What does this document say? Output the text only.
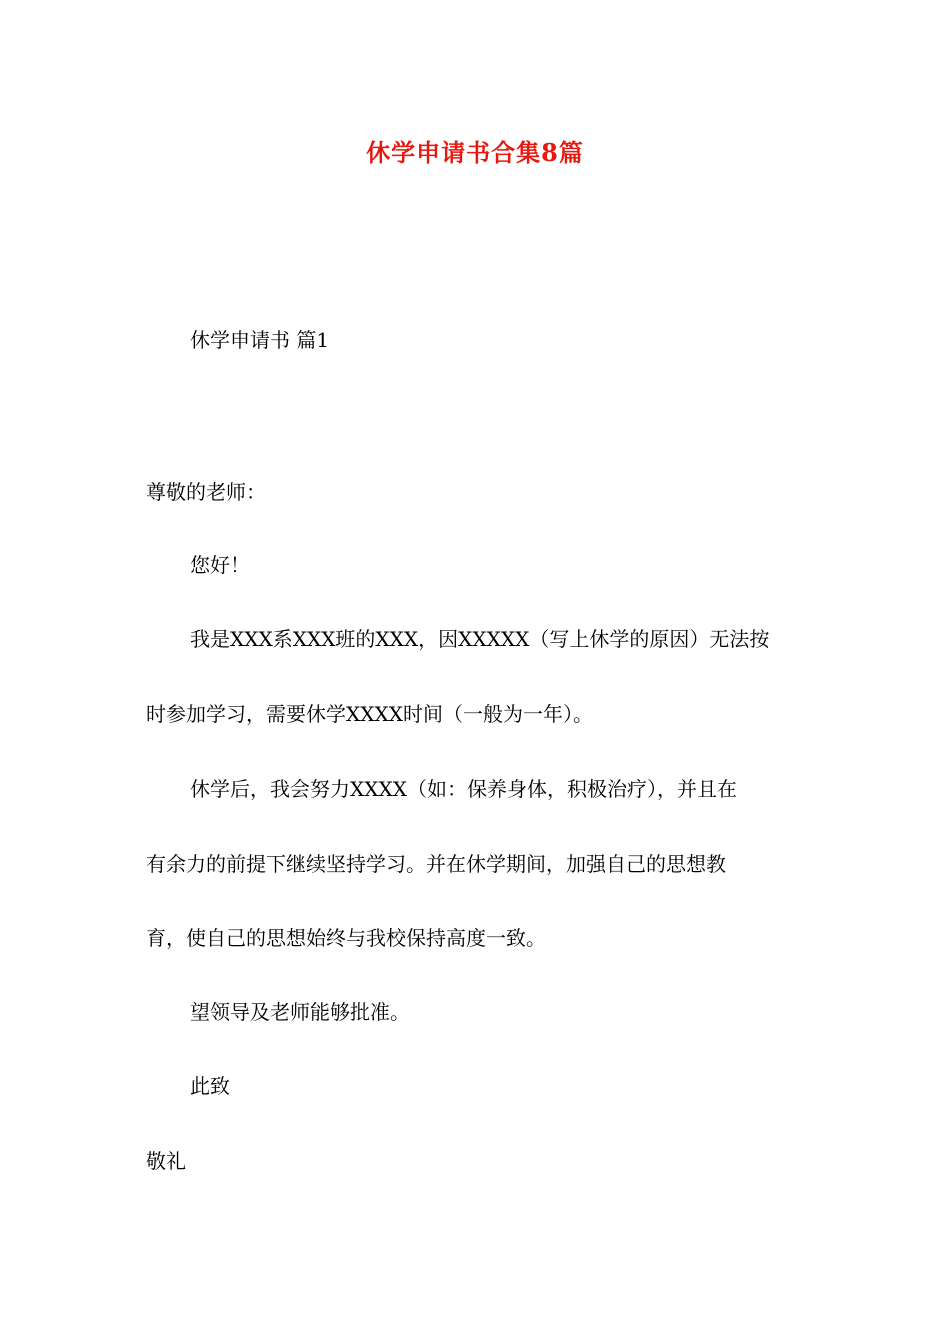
休学申请书合集8篇
休学申请书 篇1
尊敬的老师：
您好！
我是XXX系XXX班的XXX，因XXXXX（写上休学的原因）无法按
时参加学习，需要休学XXXX时间（一般为一年）。
休学后，我会努力XXXX（如：保养身体，积极治疗），并且在
有余力的前提下继续坚持学习。并在休学期间，加强自己的思想教
育，使自己的思想始终与我校保持高度一致。
望领导及老师能够批准。
此致
敬礼
